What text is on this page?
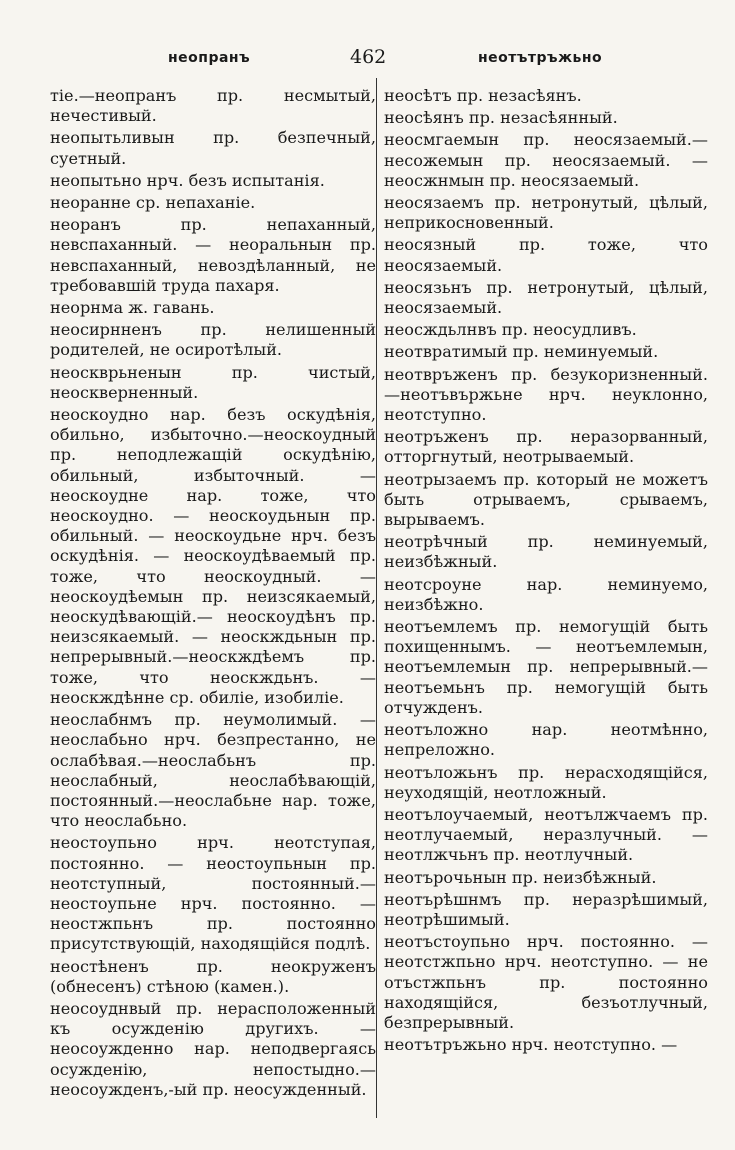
неопранъ	462	неотътръжьно

тіе.—неопранъ пр. несмытый, нечестивый.

неопытьливын пр. безпечный, суетный.

неопытьно нрч. безъ испытанія.

неоранне ср. непаханіе.

неоранъ пр. непаханный, невспаханный. — неоральнын пр. невспаханный, невоздѣланный, не требовавшій труда пахаря.

неорнма ж. гавань.

неосирнненъ пр. нелишенный родителей, не осиротѣлый.

неоскврьненын пр. чистый, неоскверненный.

неоскоудно нар. безъ оскудѣнія, обильно, избыточно.—неоскоудный пр. неподлежащій оскудѣнію, обильный, избыточный. — неоскоудне нар. тоже, что неоскоудно. — неоскоудьнын пр. обильный. — неоскоудьне нрч. безъ оскудѣнія. — неоскоудѣваемый пр. тоже, что неоскоудный. — неоскоудѣемын пр. неизсякаемый, неоскудѣвающій.— неоскоудѣнъ пр. неизсякаемый. — неоскждьнын пр. непрерывный.—неоскждѣемъ пр. тоже, что неоскждьнъ. — неоскждѣнне ср. обиліе, изобиліе.

неослабнмъ пр. неумолимый. — неослабьно нрч. безпрестанно, не ослабѣвая.—неослабьнъ пр. неослабный, неослабѣвающій, постоянный.—неослабьне нар. тоже, что неослабьно.

неостоупьно нрч. неотступая, постоянно. — неостоупьнын пр. неотступный, постоянный.—неостоупьне нрч. постоянно. — неостжпьнъ пр. постоянно присутствующій, находящійся подлѣ.

неостѣненъ пр. неокруженъ (обнесенъ) стѣною (камен.).

неосоуднвый пр. нерасположенный къ осужденію другихъ. — неосоужденно нар. неподвергаясь осужденію, непостыдно.— неосоужденъ,-ый пр. неосужденный.

неосѣтъ пр. незасѣянъ.

неосѣянъ пр. незасѣянный.

неосмгаемын пр. неосязаемый.—несожемын пр. неосязаемый. — неосжнмын пр. неосязаемый.

неосязаемъ пр. нетронутый, цѣлый, неприкосновенный.

неосязный пр. тоже, что неосязаемый.

неосязьнъ пр. нетронутый, цѣлый, неосязаемый.

неосждьлнвъ пр. неосудливъ.

неотвратимый пр. неминуемый.

неотвръженъ пр. безукоризненный. —неотъвържьне нрч. неуклонно, неотступно.

неотръженъ пр. неразорванный, отторгнутый, неотрываемый.

неотрызаемъ пр. который не можетъ быть отрываемъ, срываемъ, вырываемъ.

неотрѣчный пр. неминуемый, неизбѣжный.

неотсроуне нар. неминуемо, неизбѣжно.

неотъемлемъ пр. немогущій быть похищеннымъ. — неотъемлемын, неотъемлемын пр. непрерывный.—неотъемьнъ пр. немогущій быть отчужденъ.

неотъложно нар. неотмѣнно, непреложно.

неотъложьнъ пр. нерасходящійся, неуходящій, неотложный.

неотълоучаемый, неотължчаемъ пр. неотлучаемый, неразлучный. — неотлжчьнъ пр. неотлучный.

неотърочьнын пр. неизбѣжный.

неотърѣшнмъ пр. неразрѣшимый, неотрѣшимый.

неотъстоупьно нрч. постоянно. — неотстжпьно нрч. неотступно. — не отъстжпьнъ пр. постоянно находящійся, безъотлучный, безпрерывный.

неотътръжьно нрч. неотступно. —
